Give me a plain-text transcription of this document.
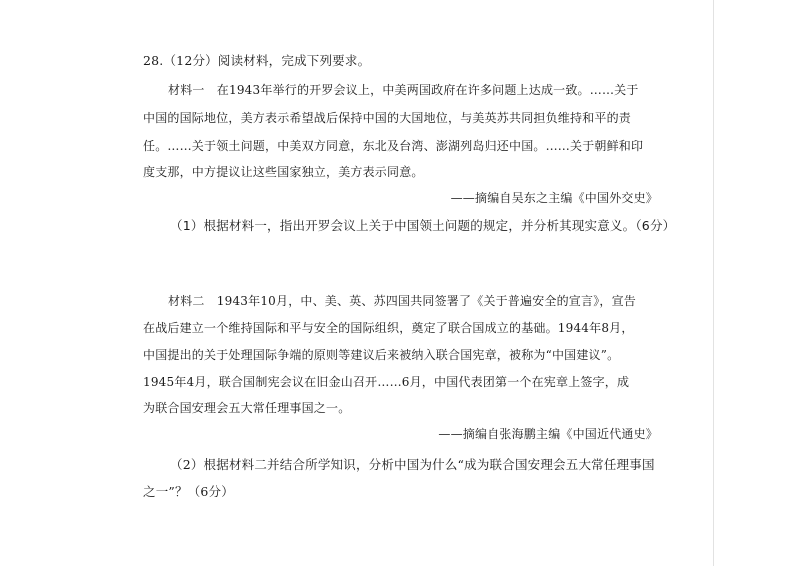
28.（12分）阅读材料，完成下列要求。
材料一　在1943年举行的开罗会议上，中美两国政府在许多问题上达成一致。……关于
中国的国际地位，美方表示希望战后保持中国的大国地位，与美英苏共同担负维持和平的责
任。……关于领土问题，中美双方同意，东北及台湾、澎湖列岛归还中国。……关于朝鲜和印
度支那，中方提议让这些国家独立，美方表示同意。
——摘编自吴东之主编《中国外交史》
（1）根据材料一，指出开罗会议上关于中国领土问题的规定，并分析其现实意义。（6分）
材料二　1943年10月，中、美、英、苏四国共同签署了《关于普遍安全的宣言》，宣告
在战后建立一个维持国际和平与安全的国际组织，奠定了联合国成立的基础。1944年8月，
中国提出的关于处理国际争端的原则等建议后来被纳入联合国宪章，被称为“中国建议”。
1945年4月，联合国制宪会议在旧金山召开……6月，中国代表团第一个在宪章上签字，成
为联合国安理会五大常任理事国之一。
——摘编自张海鹏主编《中国近代通史》
（2）根据材料二并结合所学知识，分析中国为什么“成为联合国安理会五大常任理事国
之一”？（6分）
